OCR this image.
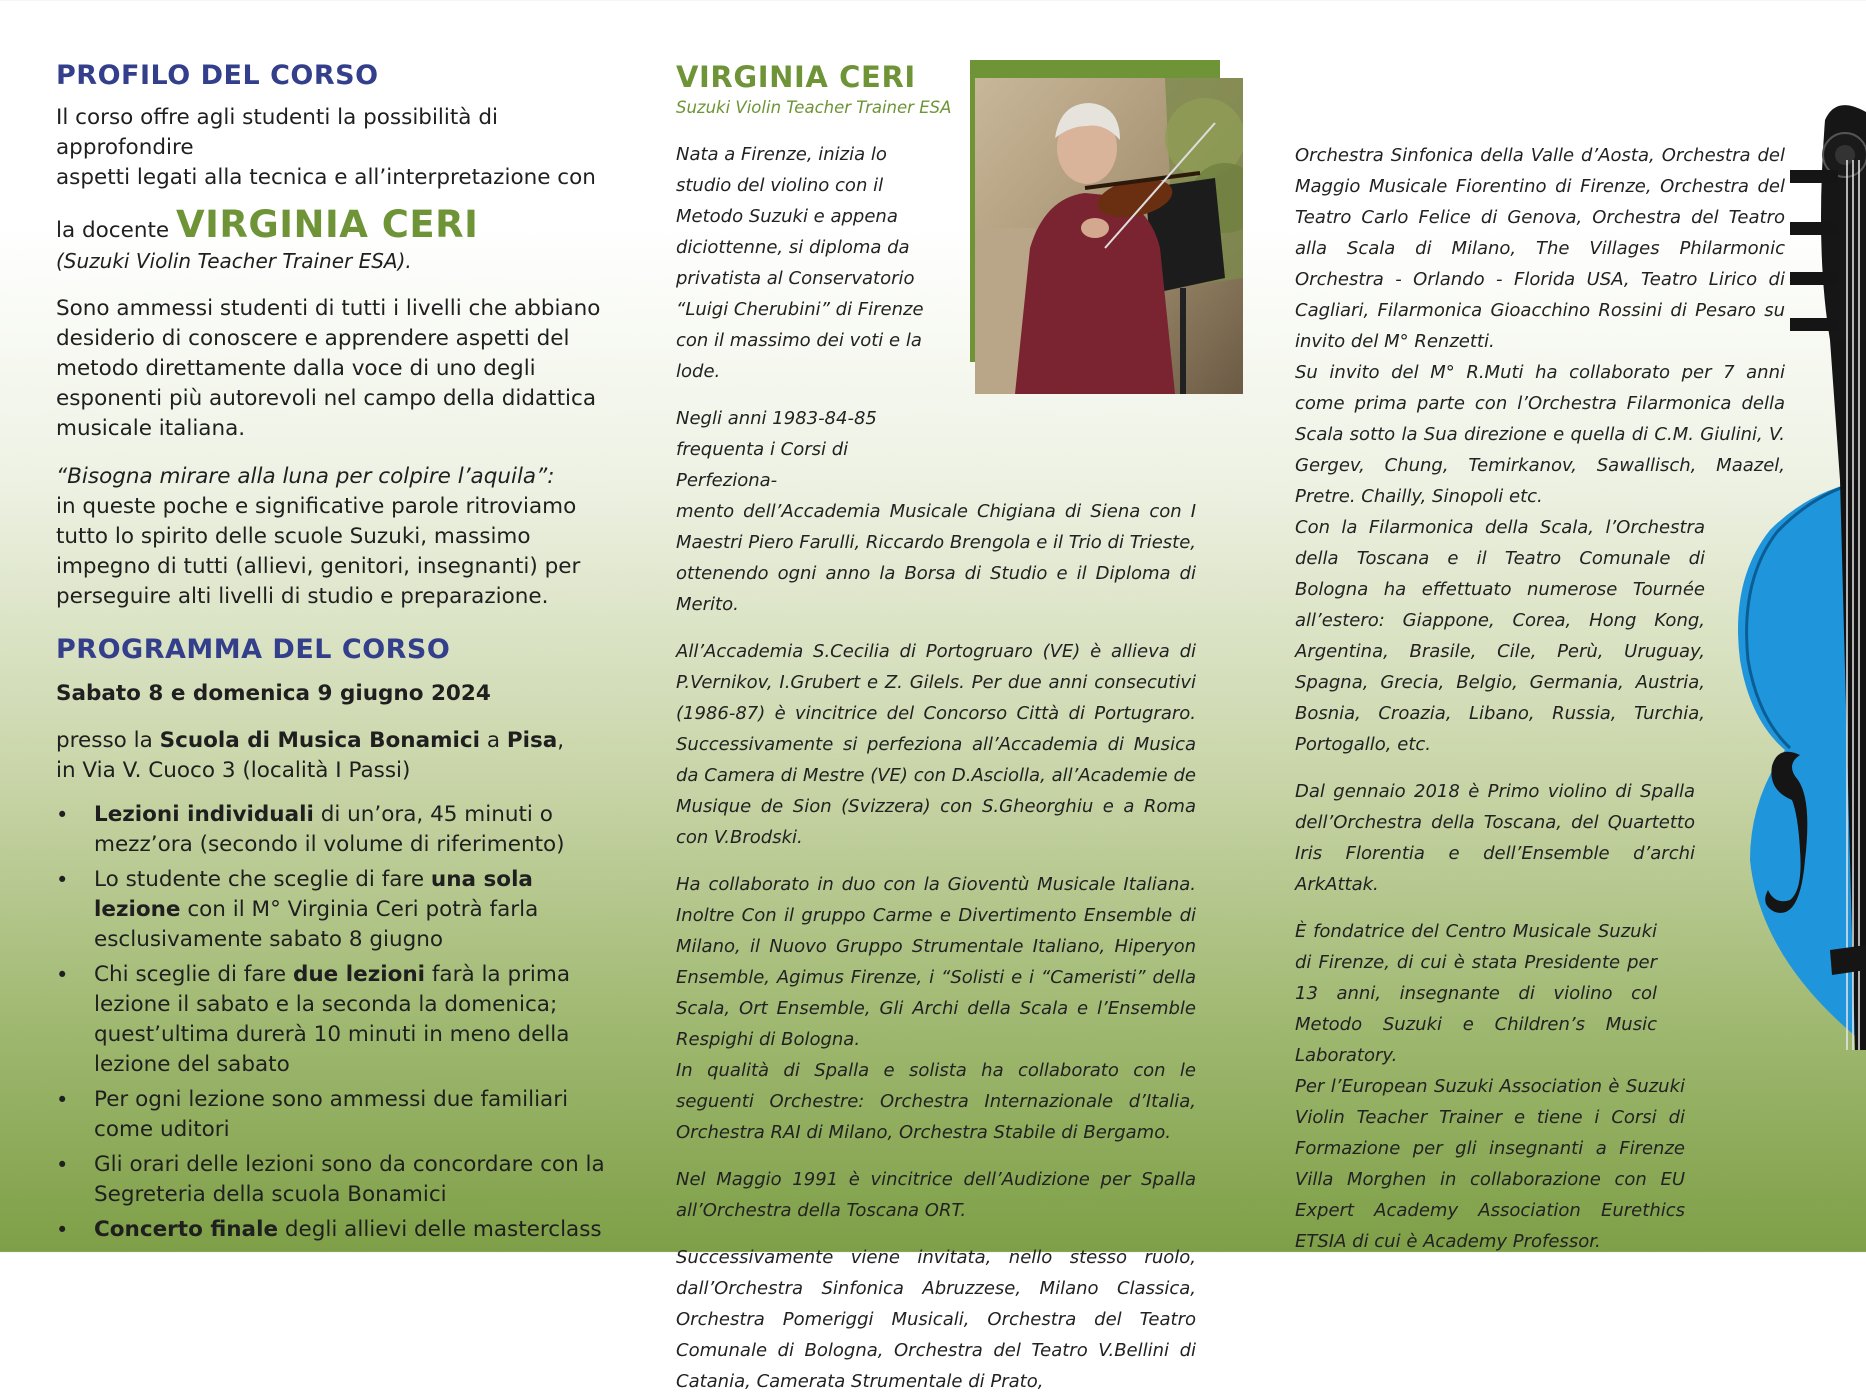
PROFILO DEL CORSO

Il corso offre agli studenti la possibilità di approfondire

aspetti legati alla tecnica e all’interpretazione con

la docente VIRGINIA CERI

(Suzuki Violin Teacher Trainer ESA).

Sono ammessi studenti di tutti i livelli che abbiano desiderio di conoscere e apprendere aspetti del metodo direttamente dalla voce di uno degli esponenti più autorevoli nel campo della didattica musicale italiana.

“Bisogna mirare alla luna per colpire l’aquila”:

in queste poche e significative parole ritroviamo tutto lo spirito delle scuole Suzuki, massimo impegno di tutti (allievi, genitori, insegnanti) per perseguire alti livelli di studio e preparazione.

PROGRAMMA DEL CORSO
Sabato 8 e domenica 9 giugno 2024

presso la Scuola di Musica Bonamici a Pisa,

in Via V. Cuoco 3 (località I Passi)

• Lezioni individuali di un’ora, 45 minuti o mezz’ora (secondo il volume di riferimento)
• Lo studente che sceglie di fare una sola lezione con il M° Virginia Ceri potrà farla esclusivamente sabato 8 giugno
• Chi sceglie di fare due lezioni farà la prima lezione il sabato e la seconda la domenica; quest’ultima durerà 10 minuti in meno della lezione del sabato
• Per ogni lezione sono ammessi due familiari come uditori
• Gli orari delle lezioni sono da concordare con la Segreteria della scuola Bonamici
• Concerto finale degli allievi delle masterclass
VIRGINIA CERI
Suzuki Violin Teacher Trainer ESA

Nata a Firenze, inizia lo studio del violino con il Metodo Suzuki e appena diciottenne, si diploma da privatista al Conservatorio “Luigi Cherubini” di Firenze con il massimo dei voti e la lode.

Negli anni 1983-84-85 frequenta i Corsi di Perfeziona-

mento dell’Accademia Musicale Chigiana di Siena con I Maestri Piero Farulli, Riccardo Brengola e il Trio di Trieste, ottenendo ogni anno la Borsa di Studio e il Diploma di Merito.

All’Accademia S.Cecilia di Portogruaro (VE) è allieva di P.Vernikov, I.Grubert e Z. Gilels. Per due anni consecutivi (1986-87) è vincitrice del Concorso Città di Portugraro. Successivamente si perfeziona all’Accademia di Musica da Camera di Mestre (VE) con D.Asciolla, all’Academie de Musique de Sion (Svizzera) con S.Gheorghiu e a Roma con V.Brodski.

Ha collaborato in duo con la Gioventù Musicale Italiana. Inoltre Con il gruppo Carme e Divertimento Ensemble di Milano, il Nuovo Gruppo Strumentale Italiano, Hiperyon Ensemble, Agimus Firenze, i “Solisti e i “Cameristi” della Scala, Ort Ensemble, Gli Archi della Scala e l’Ensemble Respighi di Bologna.

In qualità di Spalla e solista ha collaborato con le seguenti Orchestre: Orchestra Internazionale d’Italia, Orchestra RAI di Milano, Orchestra Stabile di Bergamo.

Nel Maggio 1991 è vincitrice dell’Audizione per Spalla all’Orchestra della Toscana ORT.

Successivamente viene invitata, nello stesso ruolo, dall’Orchestra Sinfonica Abruzzese, Milano Classica, Orchestra Pomeriggi Musicali, Orchestra del Teatro Comunale di Bologna, Orchestra del Teatro V.Bellini di Catania, Camerata Strumentale di Prato,

Orchestra Sinfonica della Valle d’Aosta, Orchestra del Maggio Musicale Fiorentino di Firenze, Orchestra del Teatro Carlo Felice di Genova, Orchestra del Teatro alla Scala di Milano, The Villages Philarmonic Orchestra - Orlando - Florida USA, Teatro Lirico di Cagliari, Filarmonica Gioacchino Rossini di Pesaro su invito del M° Renzetti.

Su invito del M° R.Muti ha collaborato per 7 anni come prima parte con l’Orchestra Filarmonica della Scala sotto la Sua direzione e quella di C.M. Giulini, V. Gergev, Chung, Temirkanov, Sawallisch, Maazel, Pretre. Chailly, Sinopoli etc.

Con la Filarmonica della Scala, l’Orchestra della Toscana e il Teatro Comunale di Bologna ha effettuato numerose Tournée all’estero: Giappone, Corea, Hong Kong, Argentina, Brasile, Cile, Perù, Uruguay, Spagna, Grecia, Belgio, Germania, Austria, Bosnia, Croazia, Libano, Russia, Turchia, Portogallo, etc.

Dal gennaio 2018 è Primo violino di Spalla dell’Orchestra della Toscana, del Quartetto Iris Florentia e dell’Ensemble d’archi ArkAttak.

È fondatrice del Centro Musicale Suzuki di Firenze, di cui è stata Presidente per 13 anni, insegnante di violino col Metodo Suzuki e Children’s Music Laboratory.

Per l’European Suzuki Association è Suzuki Violin Teacher Trainer e tiene i Corsi di Formazione per gli insegnanti a Firenze Villa Morghen in collaborazione con EU Expert Academy Association Eurethics ETSIA di cui è Academy Professor.
